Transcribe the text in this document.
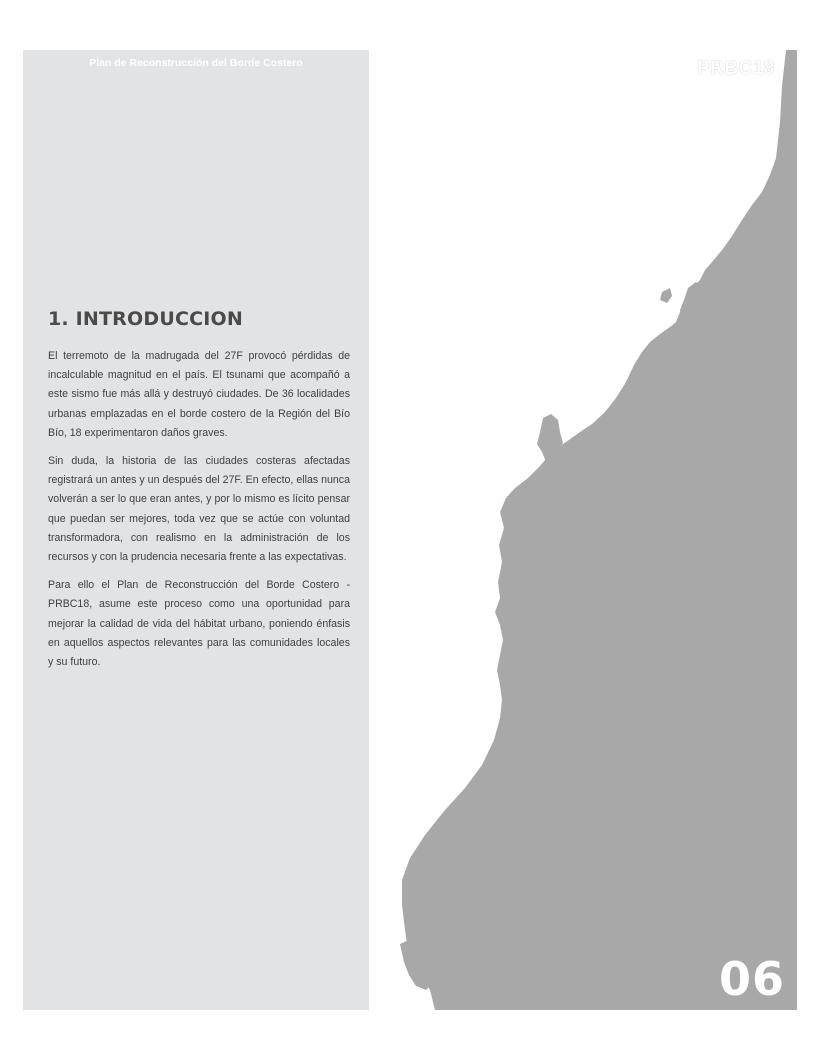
Plan de Reconstrucción del Borde Costero
1. INTRODUCCION

El terremoto de la madrugada del 27F provocó pérdidas de incalculable magnitud en el país. El tsunami que acompañó a este sismo fue más allá y destruyó ciudades. De 36 localidades urbanas emplazadas en el borde costero de la Región del Bío Bío, 18 experimentaron daños graves.

Sin duda, la historia de las ciudades costeras afectadas registrará un antes y un después del 27F. En efecto, ellas nunca volverán a ser lo que eran antes, y por lo mismo es lícito pensar que puedan ser mejores, toda vez que se actúe con voluntad transformadora, con realismo en la administración de los recursos y con la prudencia necesaria frente a las expectativas.

Para ello el Plan de Reconstrucción del Borde Costero - PRBC18, asume este proceso como una oportunidad para mejorar la calidad de vida del hábitat urbano, poniendo énfasis en aquellos aspectos relevantes para las comunidades locales y su futuro.

PRBC18
06
